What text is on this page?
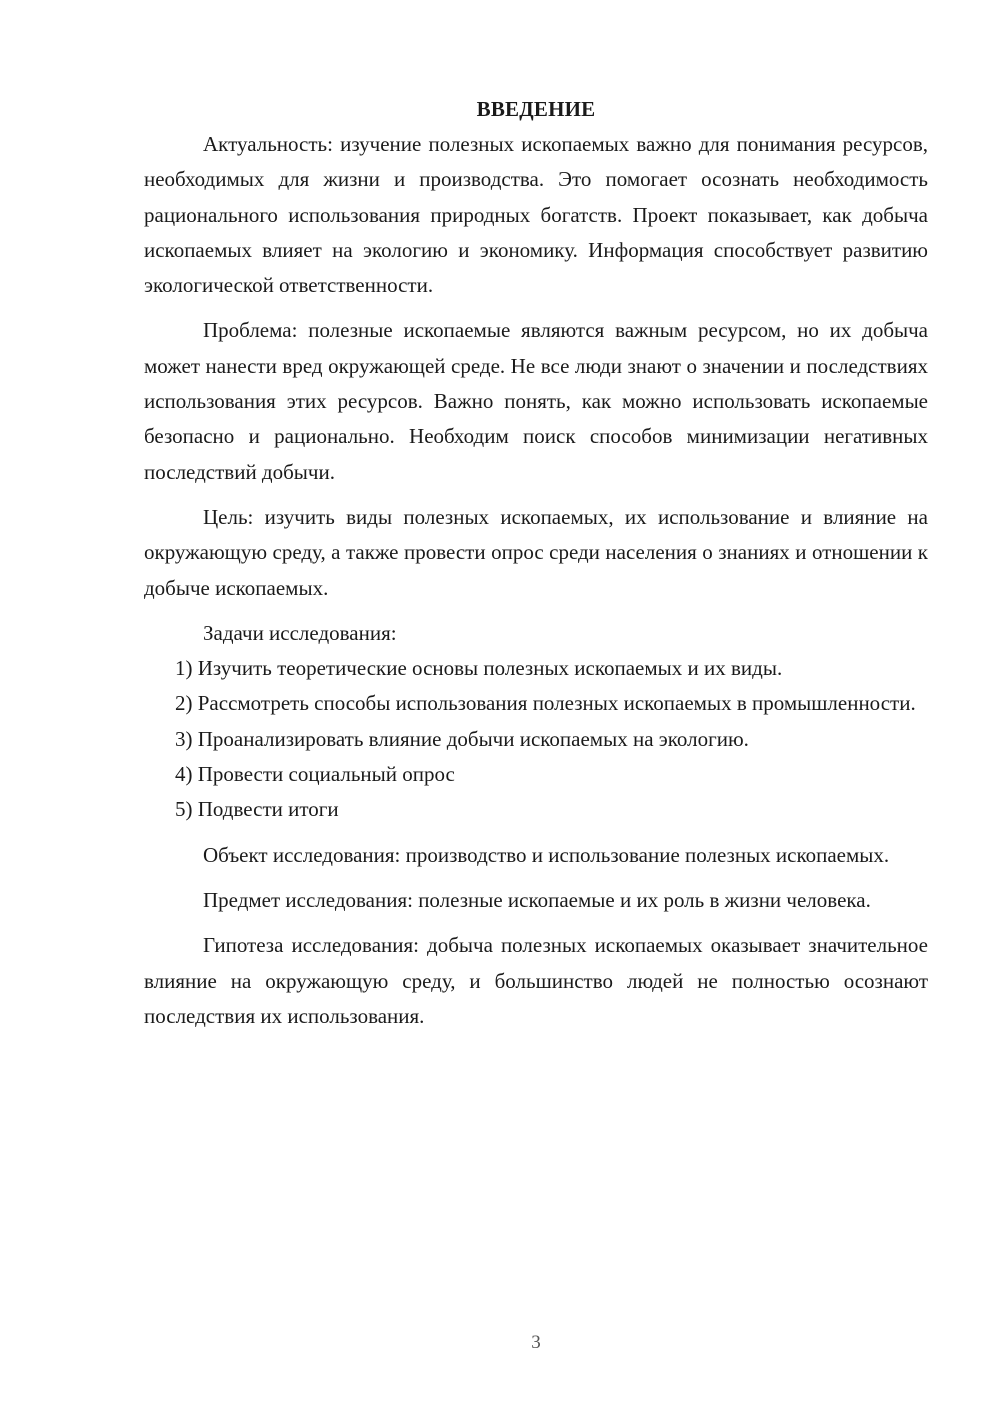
ВВЕДЕНИЕ

Актуальность: изучение полезных ископаемых важно для понимания ресурсов, необходимых для жизни и производства. Это помогает осознать необходимость рационального использования природных богатств. Проект показывает, как добыча ископаемых влияет на экологию и экономику. Информация способствует развитию экологической ответственности.

Проблема: полезные ископаемые являются важным ресурсом, но их добыча может нанести вред окружающей среде. Не все люди знают о значении и последствиях использования этих ресурсов. Важно понять, как можно использовать ископаемые безопасно и рационально. Необходим поиск способов минимизации негативных последствий добычи.

Цель: изучить виды полезных ископаемых, их использование и влияние на окружающую среду, а также провести опрос среди населения о знаниях и отношении к добыче ископаемых.

Задачи исследования:

1) Изучить теоретические основы полезных ископаемых и их виды.

2) Рассмотреть способы использования полезных ископаемых в промышленности.

3) Проанализировать влияние добычи ископаемых на экологию.

4) Провести социальный опрос

5) Подвести итоги

Объект исследования: производство и использование полезных ископаемых.

Предмет исследования: полезные ископаемые и их роль в жизни человека.

Гипотеза исследования: добыча полезных ископаемых оказывает значительное влияние на окружающую среду, и большинство людей не полностью осознают последствия их использования.

3
